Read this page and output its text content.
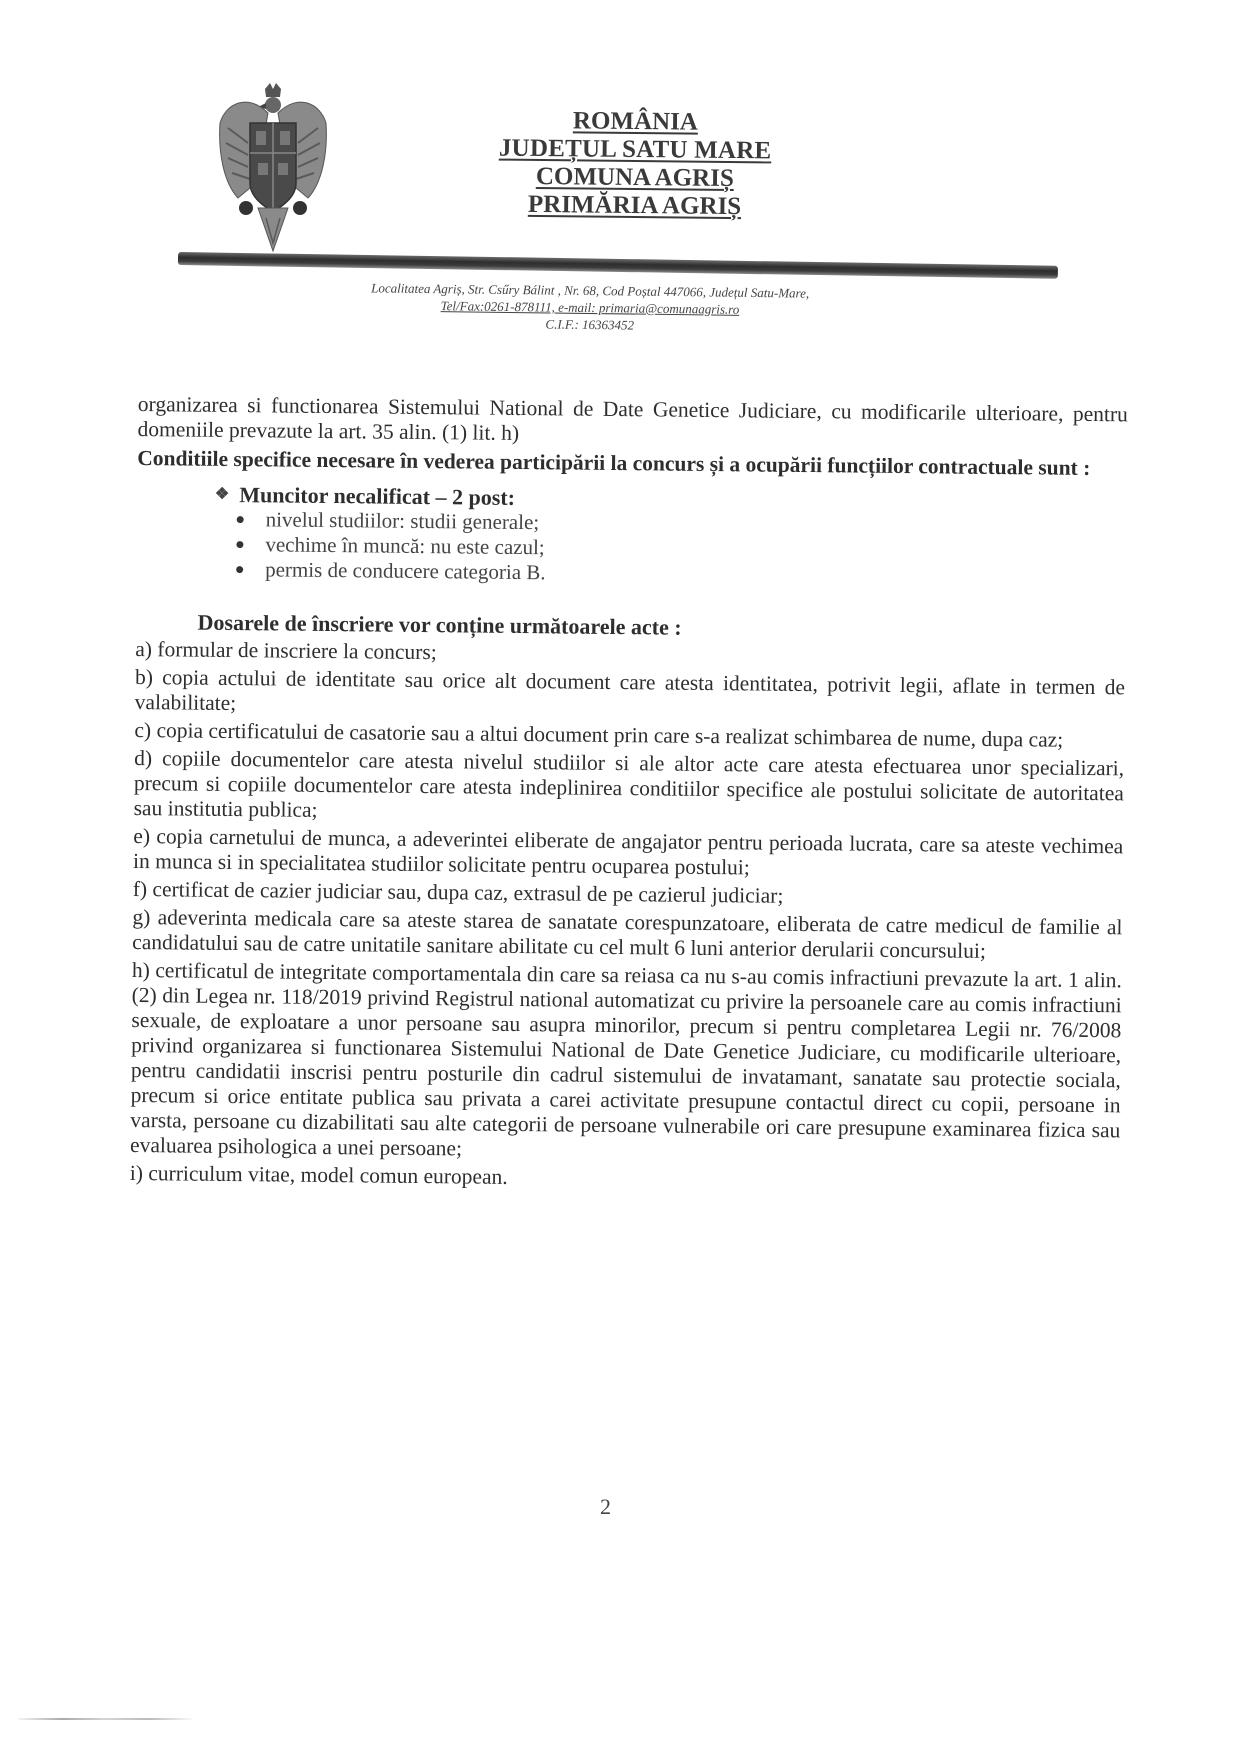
ROMÂNIA
JUDEȚUL SATU MARE
COMUNA AGRIȘ
PRIMĂRIA AGRIȘ
Localitatea Agriș, Str. Csűry Bálint , Nr. 68, Cod Poștal 447066, Județul Satu-Mare,
Tel/Fax:0261-878111, e-mail: primaria@comunaagris.ro
C.I.F.: 16363452

organizarea si functionarea Sistemului National de Date Genetice Judiciare, cu modificarile ulterioare, pentru domeniile prevazute la art. 35 alin. (1) lit. h)

Conditiile specifice necesare în vederea participării la concurs și a ocupării funcțiilor contractuale sunt :

❖ Muncitor necalificat – 2 post:
nivelul studiilor: studii generale;
vechime în muncă: nu este cazul;
permis de conducere categoria B.
Dosarele de înscriere vor conține următoarele acte :

a) formular de inscriere la concurs;

b) copia actului de identitate sau orice alt document care atesta identitatea, potrivit legii, aflate in termen de valabilitate;

c) copia certificatului de casatorie sau a altui document prin care s-a realizat schimbarea de nume, dupa caz;

d) copiile documentelor care atesta nivelul studiilor si ale altor acte care atesta efectuarea unor specializari, precum si copiile documentelor care atesta indeplinirea conditiilor specifice ale postului solicitate de autoritatea sau institutia publica;

e) copia carnetului de munca, a adeverintei eliberate de angajator pentru perioada lucrata, care sa ateste vechimea in munca si in specialitatea studiilor solicitate pentru ocuparea postului;

f) certificat de cazier judiciar sau, dupa caz, extrasul de pe cazierul judiciar;

g) adeverinta medicala care sa ateste starea de sanatate corespunzatoare, eliberata de catre medicul de familie al candidatului sau de catre unitatile sanitare abilitate cu cel mult 6 luni anterior derularii concursului;

h) certificatul de integritate comportamentala din care sa reiasa ca nu s-au comis infractiuni prevazute la art. 1 alin. (2) din Legea nr. 118/2019 privind Registrul national automatizat cu privire la persoanele care au comis infractiuni sexuale, de exploatare a unor persoane sau asupra minorilor, precum si pentru completarea Legii nr. 76/2008 privind organizarea si functionarea Sistemului National de Date Genetice Judiciare, cu modificarile ulterioare, pentru candidatii inscrisi pentru posturile din cadrul sistemului de invatamant, sanatate sau protectie sociala, precum si orice entitate publica sau privata a carei activitate presupune contactul direct cu copii, persoane in varsta, persoane cu dizabilitati sau alte categorii de persoane vulnerabile ori care presupune examinarea fizica sau evaluarea psihologica a unei persoane;

i) curriculum vitae, model comun european.

2
